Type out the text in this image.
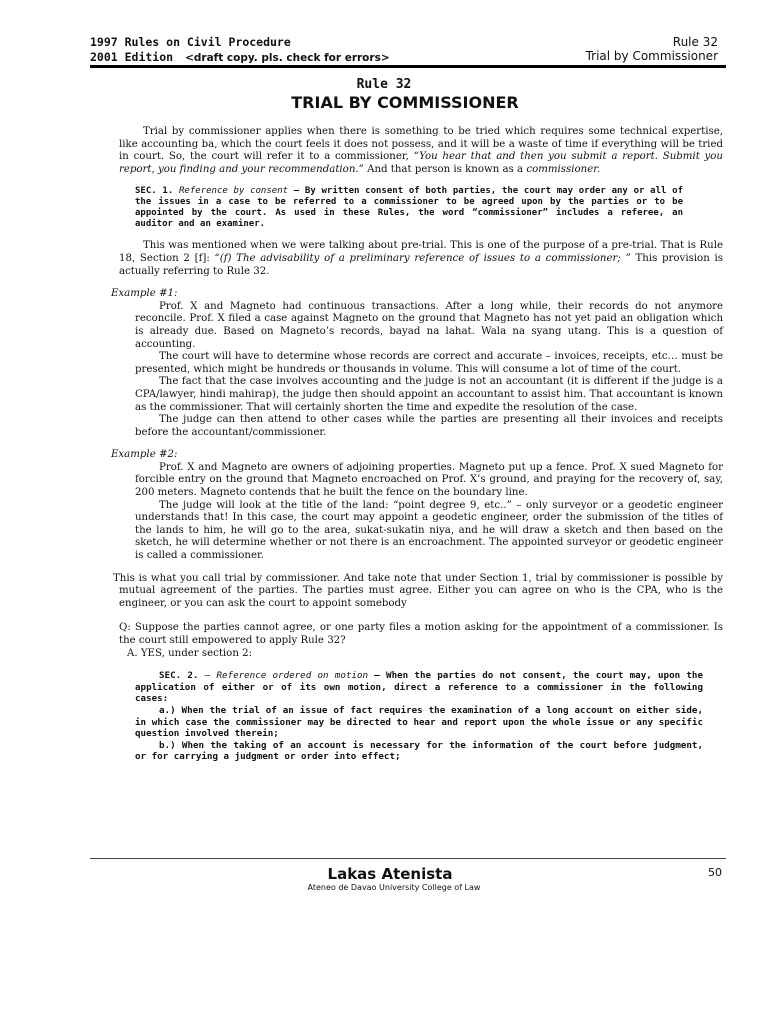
1997 Rules on Civil Procedure
2001 Edition <draft copy. pls. check for errors>
Rule 32
Trial by Commissioner
Rule 32
TRIAL BY COMMISSIONER

Trial by commissioner applies when there is something to be tried which requires some technical expertise, like accounting ba, which the court feels it does not possess, and it will be a waste of time if everything will be tried in court. So, the court will refer it to a commissioner, “You hear that and then you submit a report. Submit you report, you finding and your recommendation.” And that person is known as a commissioner.

SEC. 1. Reference by consent – By written consent of both parties, the court may order any or all of the issues in a case to be referred to a commissioner to be agreed upon by the parties or to be appointed by the court. As used in these Rules, the word “commissioner” includes a referee, an auditor and an examiner.

This was mentioned when we were talking about pre-trial. This is one of the purpose of a pre-trial. That is Rule 18, Section 2 [f]: “(f) The advisability of a preliminary reference of issues to a commissioner; ” This provision is actually referring to Rule 32.

Example #1:

Prof. X and Magneto had continuous transactions. After a long while, their records do not anymore reconcile. Prof. X filed a case against Magneto on the ground that Magneto has not yet paid an obligation which is already due. Based on Magneto’s records, bayad na lahat. Wala na syang utang. This is a question of accounting.

The court will have to determine whose records are correct and accurate – invoices, receipts, etc… must be presented, which might be hundreds or thousands in volume. This will consume a lot of time of the court.

The fact that the case involves accounting and the judge is not an accountant (it is different if the judge is a CPA/lawyer, hindi mahirap), the judge then should appoint an accountant to assist him. That accountant is known as the commissioner. That will certainly shorten the time and expedite the resolution of the case.

The judge can then attend to other cases while the parties are presenting all their invoices and receipts before the accountant/commissioner.

Example #2:

Prof. X and Magneto are owners of adjoining properties. Magneto put up a fence. Prof. X sued Magneto for forcible entry on the ground that Magneto encroached on Prof. X’s ground, and praying for the recovery of, say, 200 meters. Magneto contends that he built the fence on the boundary line.

The judge will look at the title of the land: “point degree 9, etc..” – only surveyor or a geodetic engineer understands that! In this case, the court may appoint a geodetic engineer, order the submission of the titles of the lands to him, he will go to the area, sukat-sukatin niya, and he will draw a sketch and then based on the sketch, he will determine whether or not there is an encroachment. The appointed surveyor or geodetic engineer is called a commissioner.

This is what you call trial by commissioner. And take note that under Section 1, trial by commissioner is possible by mutual agreement of the parties. The parties must agree. Either you can agree on who is the CPA, who is the engineer, or you can ask the court to appoint somebody

Q: Suppose the parties cannot agree, or one party files a motion asking for the appointment of a commissioner. Is the court still empowered to apply Rule 32?

A. YES, under section 2:

SEC. 2. – Reference ordered on motion – When the parties do not consent, the court may, upon the application of either or of its own motion, direct a reference to a commissioner in the following cases:
a.) When the trial of an issue of fact requires the examination of a long account on either side, in which case the commissioner may be directed to hear and report upon the whole issue or any specific question involved therein;
b.) When the taking of an account is necessary for the information of the court before judgment, or for carrying a judgment or order into effect;
Lakas Atenista
Ateneo de Davao University College of Law
50
